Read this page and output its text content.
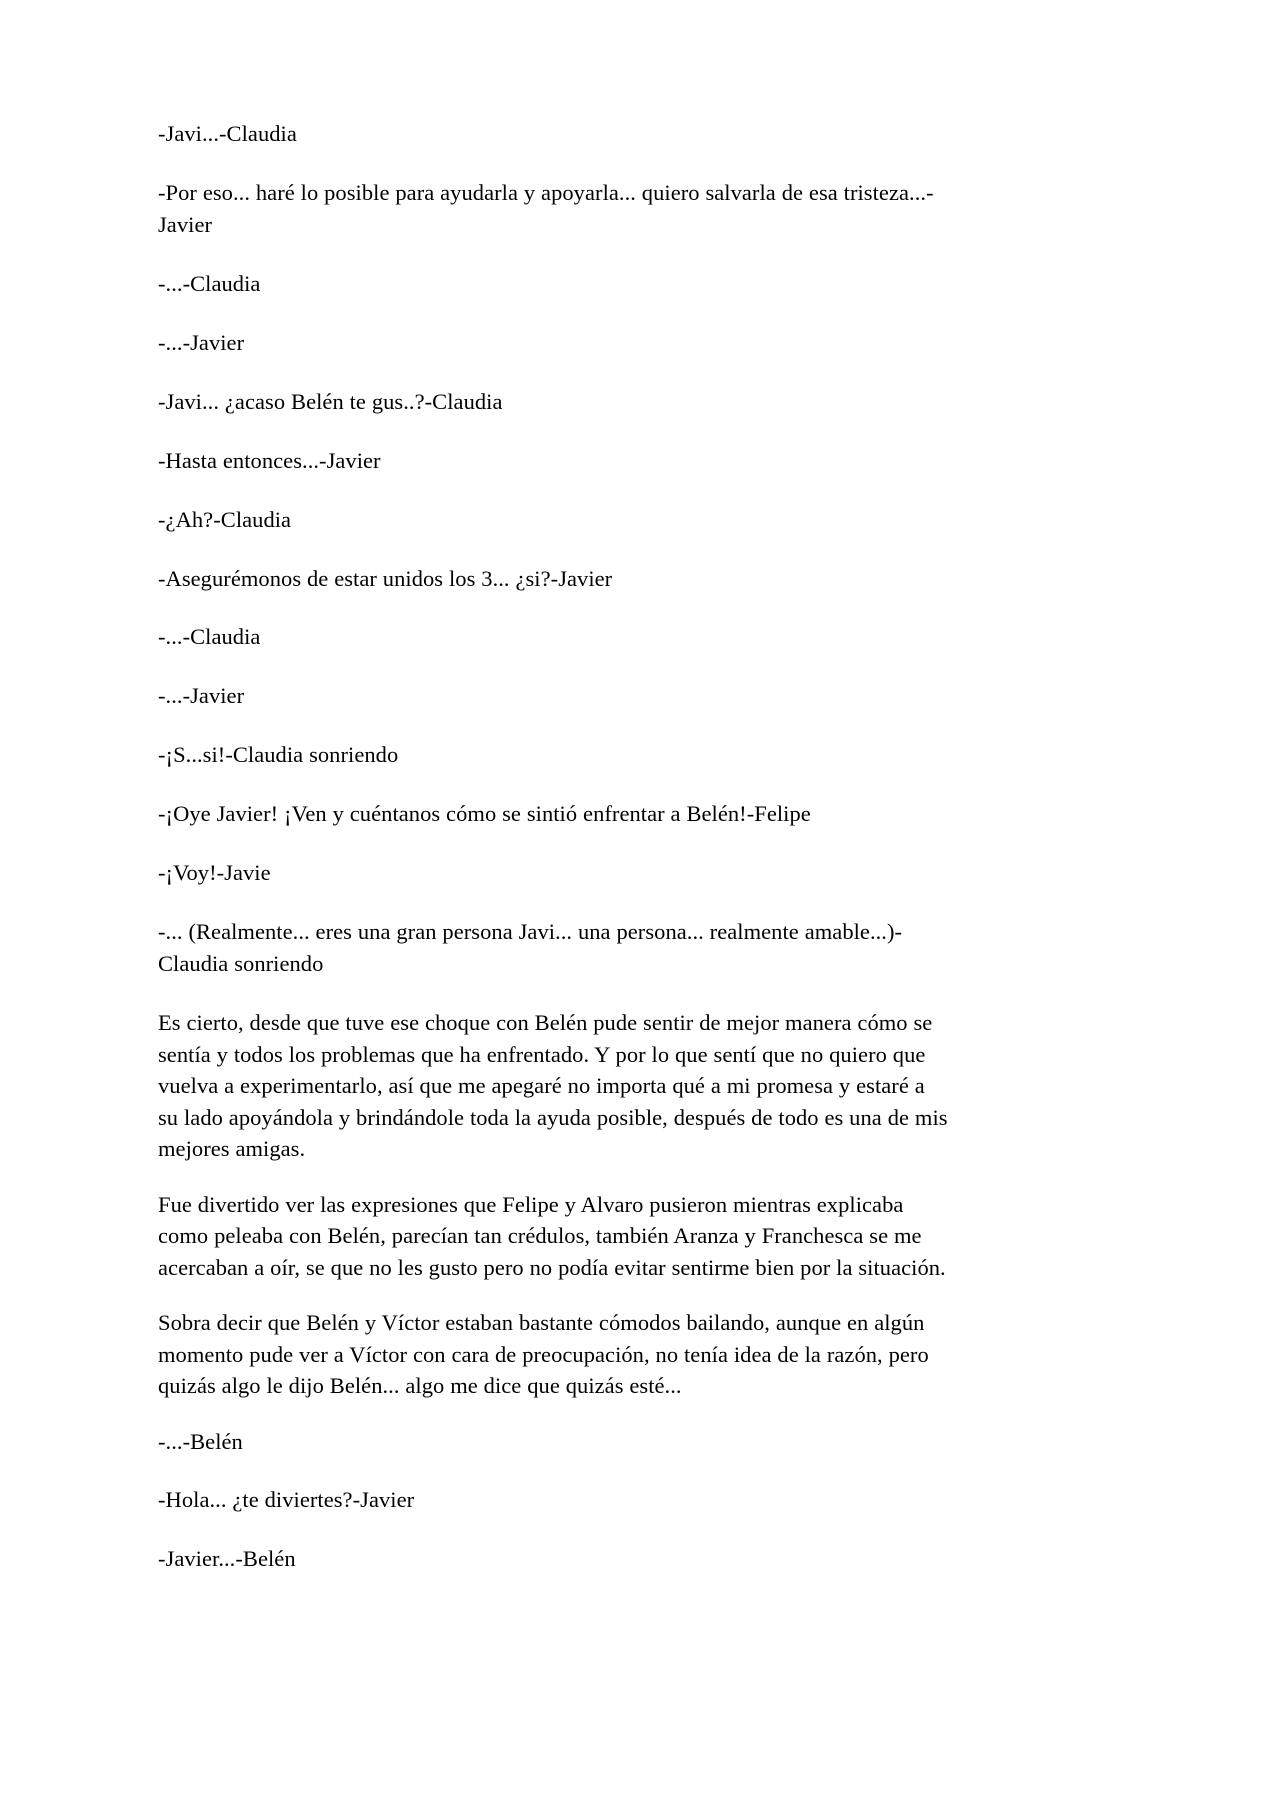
-Javi...-Claudia

-Por eso... haré lo posible para ayudarla y apoyarla... quiero salvarla de esa tristeza...-Javier

-...-Claudia

-...-Javier

-Javi... ¿acaso Belén te gus..?-Claudia

-Hasta entonces...-Javier

-¿Ah?-Claudia

-Asegurémonos de estar unidos los 3... ¿si?-Javier

-...-Claudia

-...-Javier

-¡S...si!-Claudia sonriendo

-¡Oye Javier! ¡Ven y cuéntanos cómo se sintió enfrentar a Belén!-Felipe

-¡Voy!-Javie

-... (Realmente... eres una gran persona Javi... una persona... realmente amable...)-Claudia sonriendo

Es cierto, desde que tuve ese choque con Belén pude sentir de mejor manera cómo se sentía y todos los problemas que ha enfrentado. Y por lo que sentí que no quiero que vuelva a experimentarlo, así que me apegaré no importa qué a mi promesa y estaré a su lado apoyándola y brindándole toda la ayuda posible, después de todo es una de mis mejores amigas.

Fue divertido ver las expresiones que Felipe y Alvaro pusieron mientras explicaba como peleaba con Belén, parecían tan crédulos, también Aranza y Franchesca se me acercaban a oír, se que no les gusto pero no podía evitar sentirme bien por la situación.

Sobra decir que Belén y Víctor estaban bastante cómodos bailando, aunque en algún momento pude ver a Víctor con cara de preocupación, no tenía idea de la razón, pero quizás algo le dijo Belén... algo me dice que quizás esté...

-...-Belén

-Hola... ¿te diviertes?-Javier

-Javier...-Belén
